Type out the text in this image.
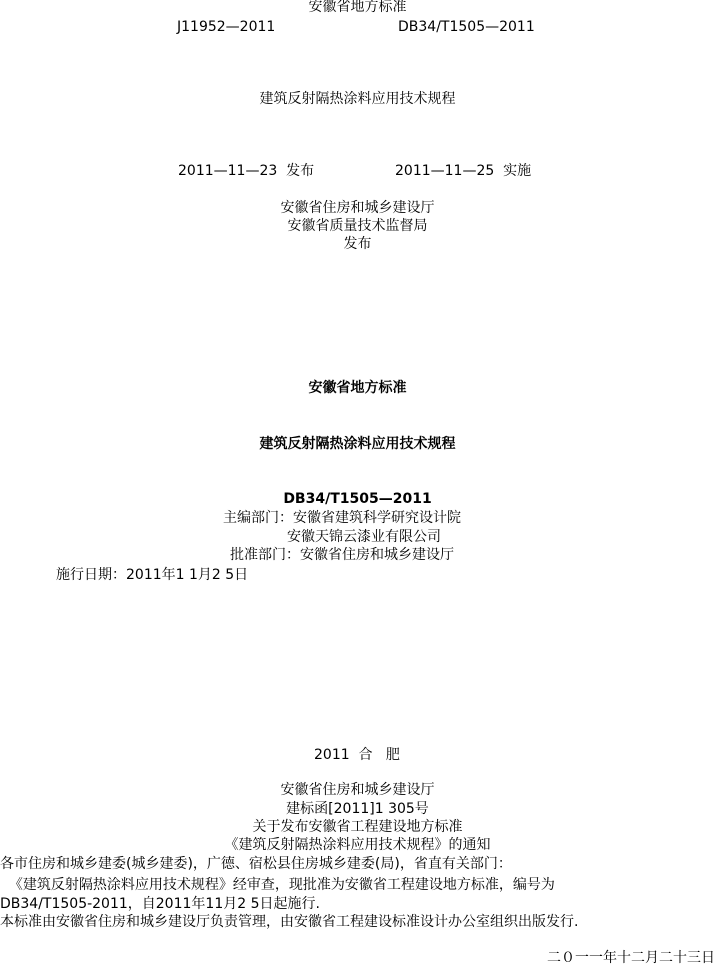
安徽省地方标准
J11952—2011	DB34/T1505—2011
建筑反射隔热涂料应用技术规程
2011—11—23  发布	2011—11—25  实施
安徽省住房和城乡建设厅
安徽省质量技术监督局
发布
安徽省地方标准
建筑反射隔热涂料应用技术规程
DB34/T1505—2011
主编部门：安徽省建筑科学研究设计院
安徽天锦云漆业有限公司
批准部门：安徽省住房和城乡建设厅
施行日期：2011年1 1月2 5日
2011  合   肥
安徽省住房和城乡建设厅
建标函[2011]1 305号
关于发布安徽省工程建设地方标准
《建筑反射隔热涂料应用技术规程》的通知
各市住房和城乡建委(城乡建委)，广德、宿松县住房城乡建委(局)，省直有关部门：
《建筑反射隔热涂料应用技术规程》经审查，现批准为安徽省工程建设地方标准，编号为
DB34/T1505-2011，自2011年11月2 5日起施行.
本标准由安徽省住房和城乡建设厅负责管理，由安徽省工程建设标准设计办公室组织出版发行.
二０一一年十二月二十三日
